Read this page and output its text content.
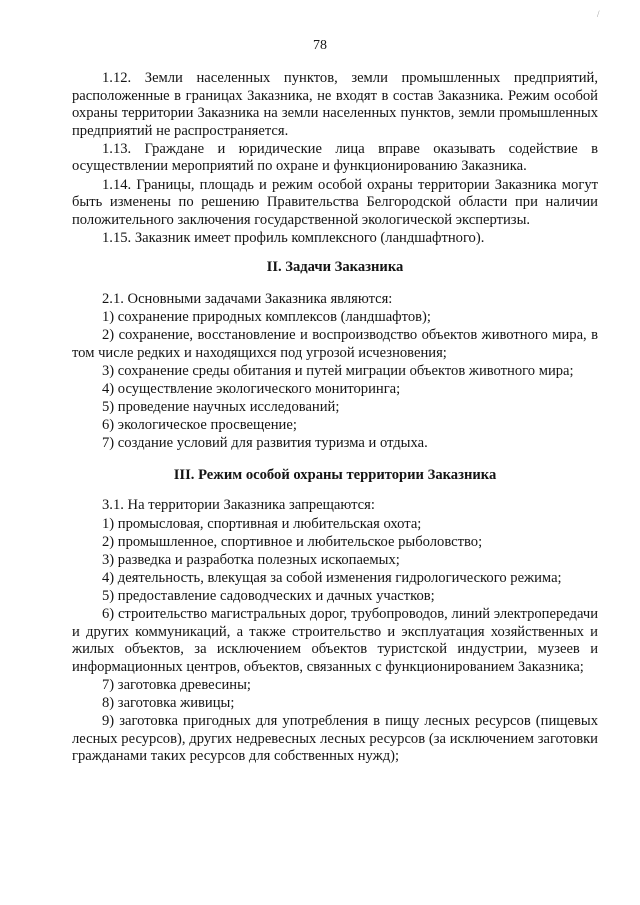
/
78

1.12. Земли населенных пунктов, земли промышленных предприятий, расположенные в границах Заказника, не входят в состав Заказника. Режим особой охраны территории Заказника на земли населенных пунктов, земли промышленных предприятий не распространяется.

1.13. Граждане и юридические лица вправе оказывать содействие в осуществлении мероприятий по охране и функционированию Заказника.

1.14. Границы, площадь и режим особой охраны территории Заказника могут быть изменены по решению Правительства Белгородской области при наличии положительного заключения государственной экологической экспертизы.

1.15. Заказник имеет профиль комплексного (ландшафтного).

II. Задачи Заказника

2.1. Основными задачами Заказника являются:

1) сохранение природных комплексов (ландшафтов);

2) сохранение, восстановление и воспроизводство объектов животного мира, в том числе редких и находящихся под угрозой исчезновения;

3) сохранение среды обитания и путей миграции объектов животного мира;

4) осуществление экологического мониторинга;

5) проведение научных исследований;

6) экологическое просвещение;

7) создание условий для развития туризма и отдыха.

III. Режим особой охраны территории Заказника

3.1. На территории Заказника запрещаются:

1) промысловая, спортивная и любительская охота;

2) промышленное, спортивное и любительское рыболовство;

3) разведка и разработка полезных ископаемых;

4) деятельность, влекущая за собой изменения гидрологического режима;

5) предоставление садоводческих и дачных участков;

6) строительство магистральных дорог, трубопроводов, линий электропередачи и других коммуникаций, а также строительство и эксплуатация хозяйственных и жилых объектов, за исключением объектов туристской индустрии, музеев и информационных центров, объектов, связанных с функционированием Заказника;

7) заготовка древесины;

8) заготовка живицы;

9) заготовка пригодных для употребления в пищу лесных ресурсов (пищевых лесных ресурсов), других недревесных лесных ресурсов (за исключением заготовки гражданами таких ресурсов для собственных нужд);
